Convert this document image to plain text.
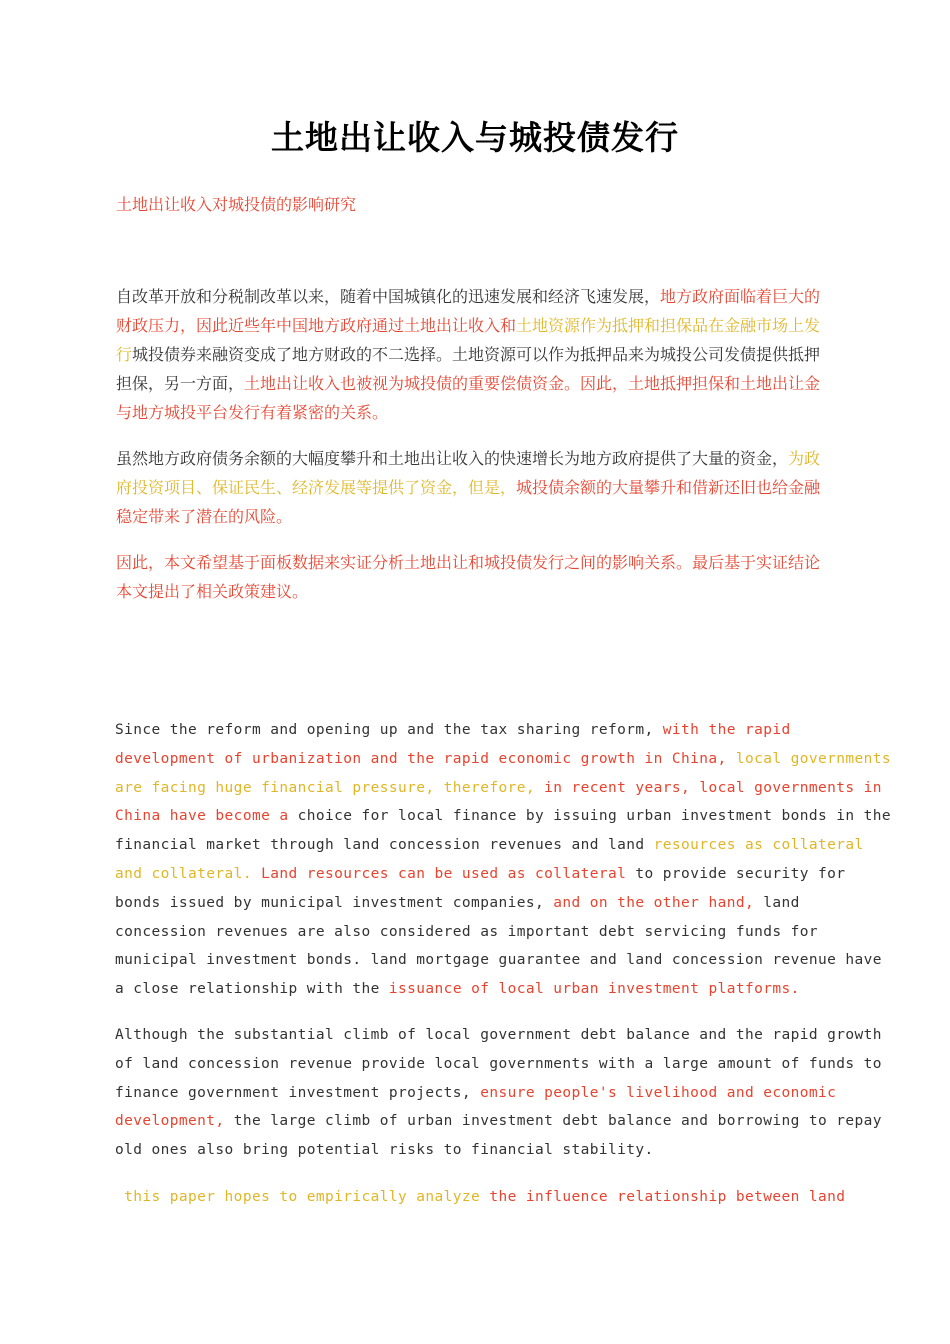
土地出让收入与城投债发行
土地出让收入对城投债的影响研究

自改革开放和分税制改革以来，随着中国城镇化的迅速发展和经济飞速发展，地方政府面临着巨大的财政压力，因此近些年中国地方政府通过土地出让收入和土地资源作为抵押和担保品在金融市场上发行城投债券来融资变成了地方财政的不二选择。土地资源可以作为抵押品来为城投公司发债提供抵押担保，另一方面，土地出让收入也被视为城投债的重要偿债资金。因此，土地抵押担保和土地出让金与地方城投平台发行有着紧密的关系。

虽然地方政府债务余额的大幅度攀升和土地出让收入的快速增长为地方政府提供了大量的资金，为政府投资项目、保证民生、经济发展等提供了资金，但是，城投债余额的大量攀升和借新还旧也给金融稳定带来了潜在的风险。

因此，本文希望基于面板数据来实证分析土地出让和城投债发行之间的影响关系。最后基于实证结论本文提出了相关政策建议。

Since the reform and opening up and the tax sharing reform, with the rapid
development of urbanization and the rapid economic growth in China, local governments
are facing huge financial pressure, therefore, in recent years, local governments in
China have become a choice for local finance by issuing urban investment bonds in the
financial market through land concession revenues and land resources as collateral
and collateral. Land resources can be used as collateral to provide security for
bonds issued by municipal investment companies, and on the other hand, land
concession revenues are also considered as important debt servicing funds for
municipal investment bonds. land mortgage guarantee and land concession revenue have
a close relationship with the issuance of local urban investment platforms.
Although the substantial climb of local government debt balance and the rapid growth
of land concession revenue provide local governments with a large amount of funds to
finance government investment projects, ensure people's livelihood and economic
development, the large climb of urban investment debt balance and borrowing to repay
old ones also bring potential risks to financial stability.
this paper hopes to empirically analyze the influence relationship between land
